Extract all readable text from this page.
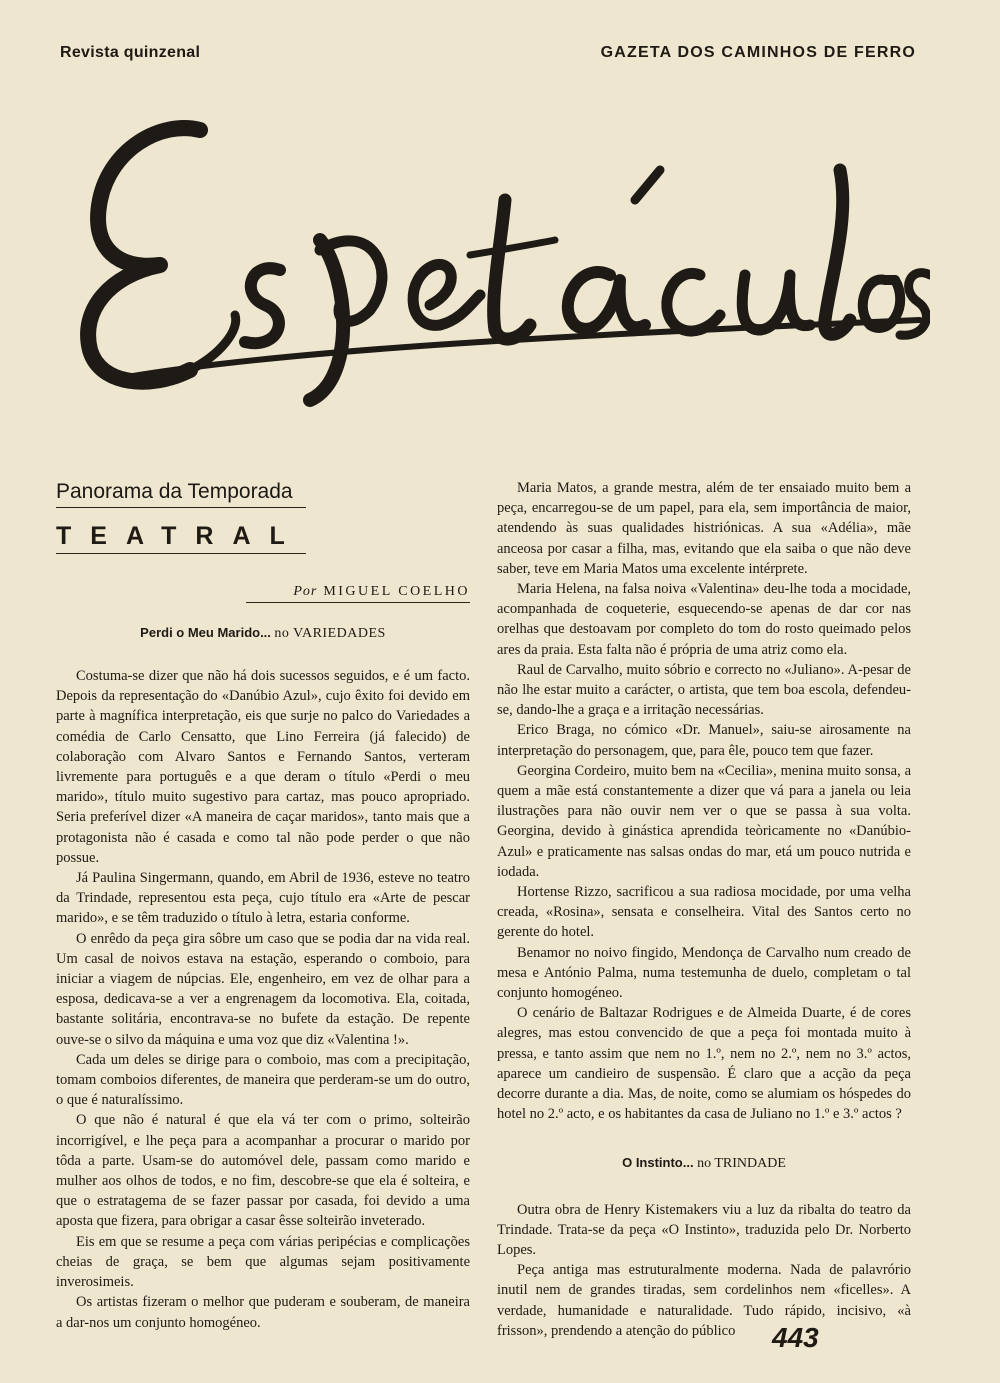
Revista quinzenal	GAZETA DOS CAMINHOS DE FERRO
Panorama da Temporada
TEATRAL
Por MIGUEL COELHO
Perdi o Meu Marido... no VARIEDADES

Costuma-se dizer que não há dois sucessos seguidos, e é um facto. Depois da representação do «Danúbio Azul», cujo êxito foi devido em parte à magnífica interpretação, eis que surje no palco do Variedades a comédia de Carlo Censatto, que Lino Ferreira (já falecido) de colaboração com Alvaro Santos e Fernando Santos, verteram livremente para português e a que deram o título «Perdi o meu marido», título muito sugestivo para cartaz, mas pouco apropriado. Seria preferível dizer «A maneira de caçar maridos», tanto mais que a protagonista não é casada e como tal não pode perder o que não possue.

Já Paulina Singermann, quando, em Abril de 1936, esteve no teatro da Trindade, representou esta peça, cujo título era «Arte de pescar marido», e se têm traduzido o título à letra, estaria conforme.

O enrêdo da peça gira sôbre um caso que se podia dar na vida real. Um casal de noivos estava na estação, esperando o comboio, para iniciar a viagem de núpcias. Ele, engenheiro, em vez de olhar para a esposa, dedicava-se a ver a engrenagem da locomotiva. Ela, coitada, bastante solitária, encontrava-se no bufete da estação. De repente ouve-se o silvo da máquina e uma voz que diz «Valentina !».

Cada um deles se dirige para o comboio, mas com a precipitação, tomam comboios diferentes, de maneira que perderam-se um do outro, o que é naturalíssimo.

O que não é natural é que ela vá ter com o primo, solteirão incorrigível, e lhe peça para a acompanhar a procurar o marido por tôda a parte. Usam-se do automóvel dele, passam como marido e mulher aos olhos de todos, e no fim, descobre-se que ela é solteira, e que o estratagema de se fazer passar por casada, foi devido a uma aposta que fizera, para obrigar a casar êsse solteirão inveterado.

Eis em que se resume a peça com várias peripécias e complicações cheias de graça, se bem que algumas sejam positivamente inverosimeis.

Os artistas fizeram o melhor que puderam e souberam, de maneira a dar-nos um conjunto homogéneo.

Maria Matos, a grande mestra, além de ter ensaiado muito bem a peça, encarregou-se de um papel, para ela, sem importância de maior, atendendo às suas qualidades histriónicas. A sua «Adélia», mãe anceosa por casar a filha, mas, evitando que ela saiba o que não deve saber, teve em Maria Matos uma excelente intérprete.

Maria Helena, na falsa noiva «Valentina» deu-lhe toda a mocidade, acompanhada de coqueterie, esquecendo-se apenas de dar cor nas orelhas que destoavam por completo do tom do rosto queimado pelos ares da praia. Esta falta não é própria de uma atriz como ela.

Raul de Carvalho, muito sóbrio e correcto no «Juliano». A-pesar de não lhe estar muito a carácter, o artista, que tem boa escola, defendeu-se, dando-lhe a graça e a irritação necessárias.

Erico Braga, no cómico «Dr. Manuel», saiu-se airosamente na interpretação do personagem, que, para êle, pouco tem que fazer.

Georgina Cordeiro, muito bem na «Cecilia», menina muito sonsa, a quem a mãe está constantemente a dizer que vá para a janela ou leia ilustrações para não ouvir nem ver o que se passa à sua volta. Georgina, devido à ginástica aprendida teòricamente no «Danúbio-Azul» e praticamente nas salsas ondas do mar, etá um pouco nutrida e iodada.

Hortense Rizzo, sacrificou a sua radiosa mocidade, por uma velha creada, «Rosina», sensata e conselheira. Vital des Santos certo no gerente do hotel.

Benamor no noivo fingido, Mendonça de Carvalho num creado de mesa e António Palma, numa testemunha de duelo, completam o tal conjunto homogéneo.

O cenário de Baltazar Rodrigues e de Almeida Duarte, é de cores alegres, mas estou convencido de que a peça foi montada muito à pressa, e tanto assim que nem no 1.º, nem no 2.º, nem no 3.º actos, aparece um candieiro de suspensão. É claro que a acção da peça decorre durante a dia. Mas, de noite, como se alumiam os hóspedes do hotel no 2.º acto, e os habitantes da casa de Juliano no 1.º e 3.º actos ?

O Instinto... no TRINDADE

Outra obra de Henry Kistemakers viu a luz da ribalta do teatro da Trindade. Trata-se da peça «O Instinto», traduzida pelo Dr. Norberto Lopes.

Peça antiga mas estruturalmente moderna. Nada de palavrório inutil nem de grandes tiradas, sem cordelinhos nem «ficelles». A verdade, humanidade e naturalidade. Tudo rápido, incisivo, «à frisson», prendendo a atenção do público	443
